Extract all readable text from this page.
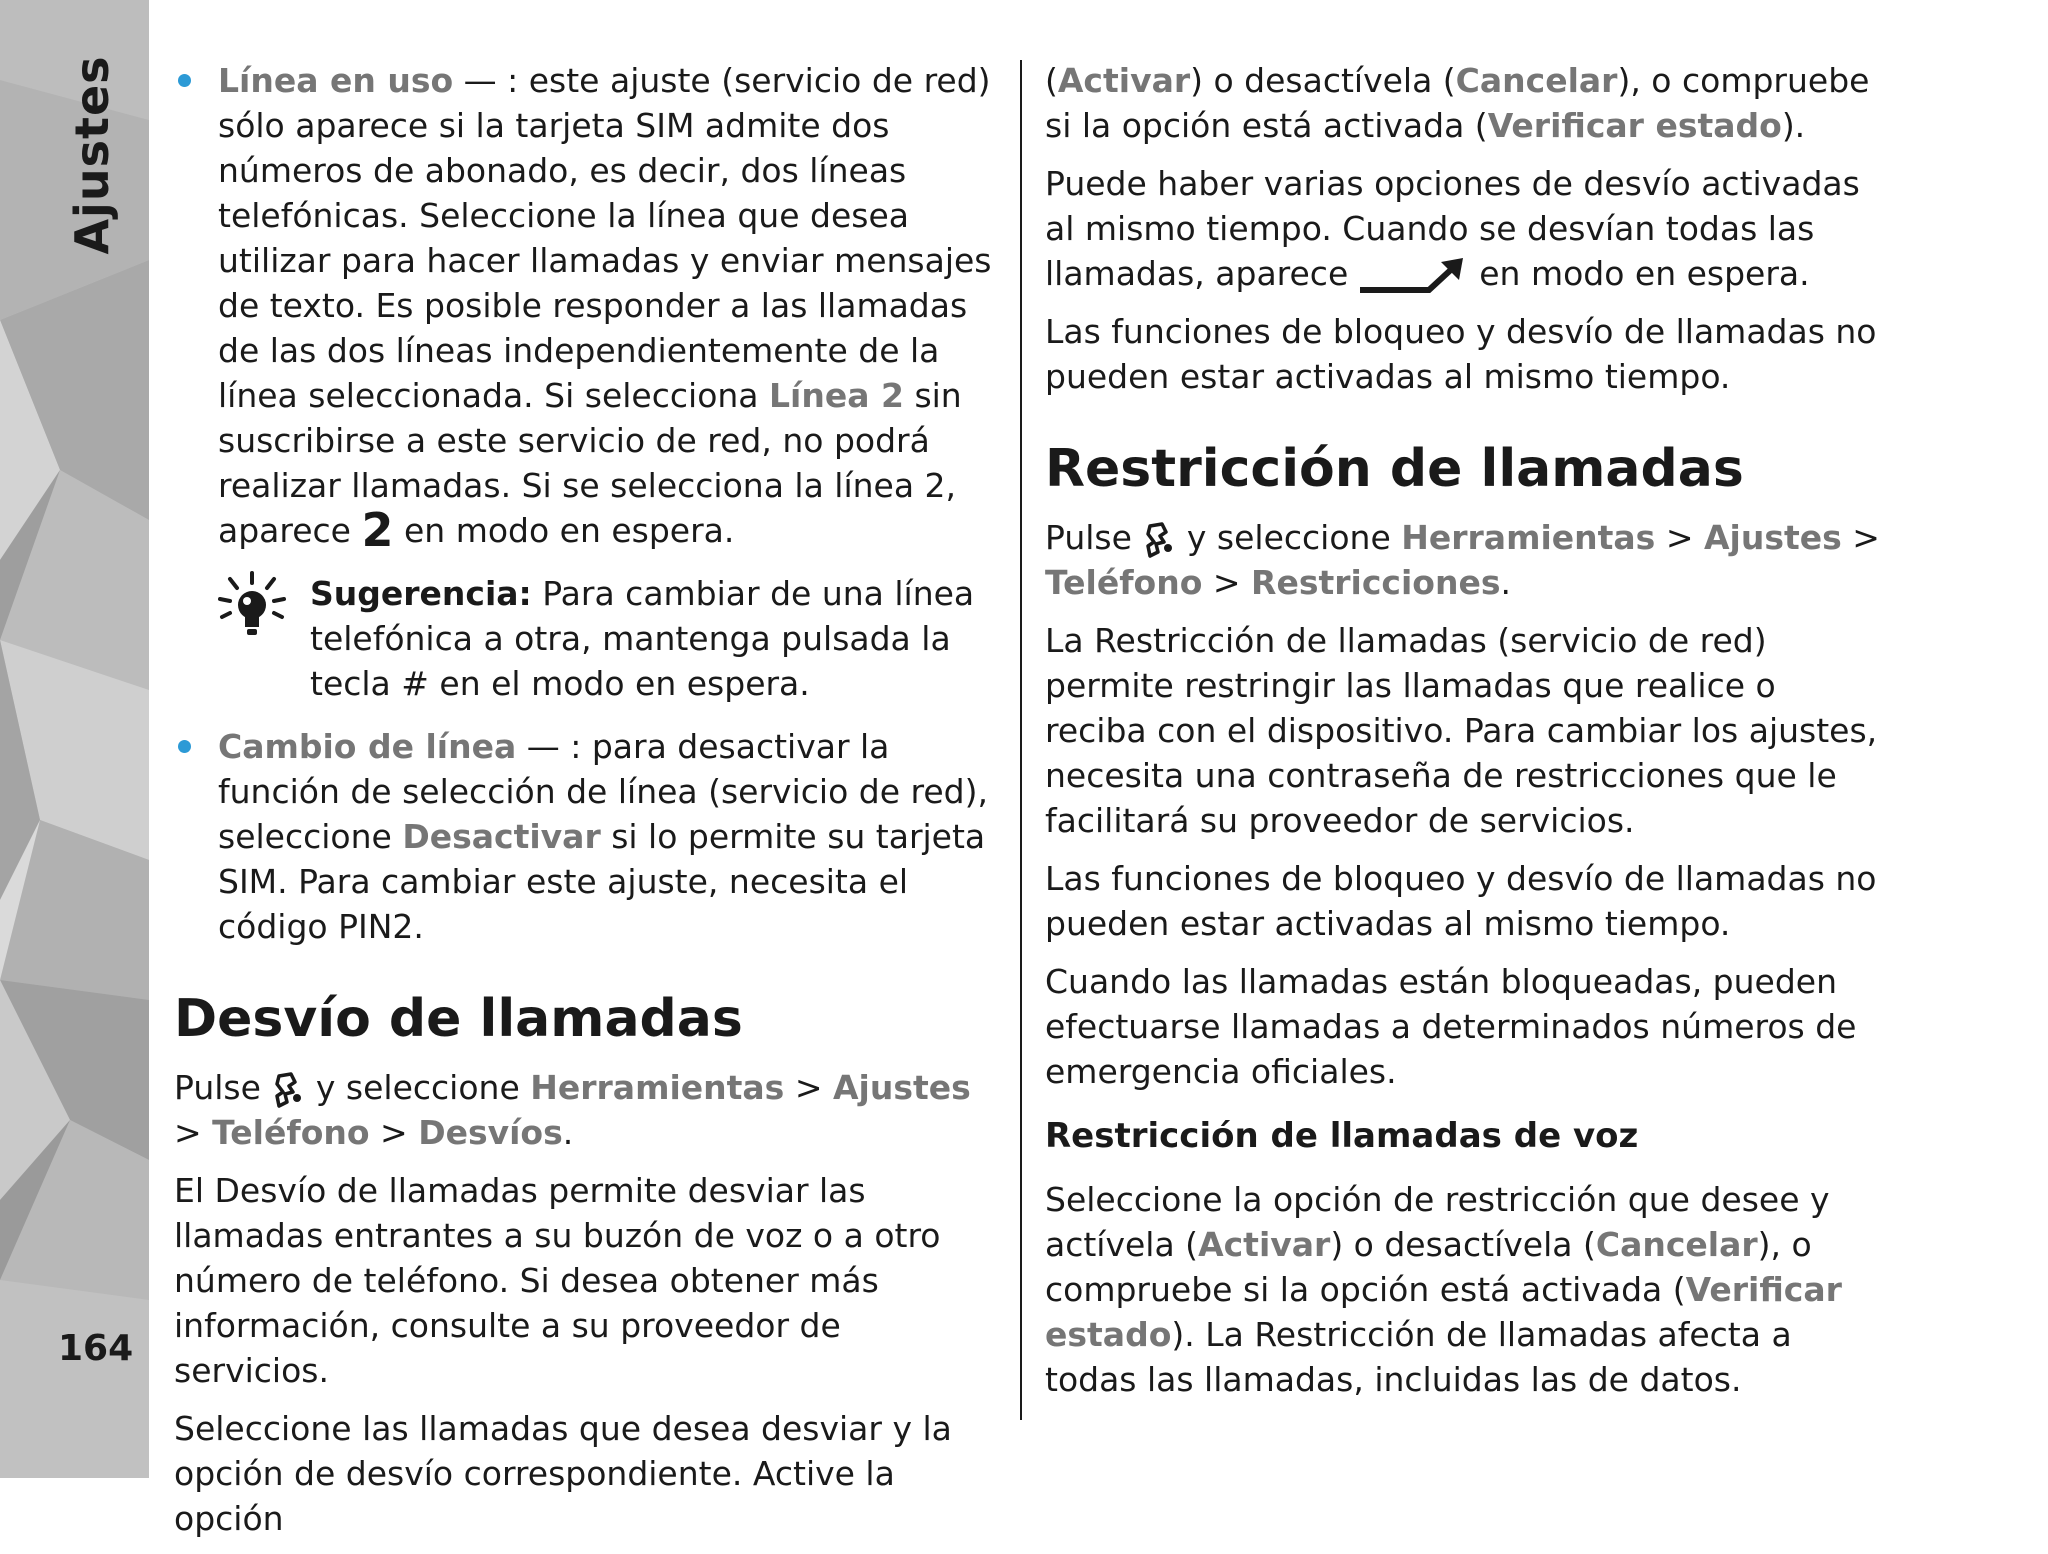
Ajustes
164
Línea en uso — : este ajuste (servicio de red) sólo aparece si la tarjeta SIM admite dos números de abonado, es decir, dos líneas telefónicas. Seleccione la línea que desea utilizar para hacer llamadas y enviar mensajes de texto. Es posible responder a las llamadas de las dos líneas independientemente de la línea seleccionada. Si selecciona Línea 2 sin suscribirse a este servicio de red, no podrá realizar llamadas. Si se selecciona la línea 2, aparece 2 en modo en espera.
Sugerencia: Para cambiar de una línea telefónica a otra, mantenga pulsada la tecla # en el modo en espera.
Cambio de línea — : para desactivar la función de selección de línea (servicio de red), seleccione Desactivar si lo permite su tarjeta SIM. Para cambiar este ajuste, necesita el código PIN2.
Desvío de llamadas

Pulse  y seleccione Herramientas > Ajustes > Teléfono > Desvíos.

El Desvío de llamadas permite desviar las llamadas entrantes a su buzón de voz o a otro número de teléfono. Si desea obtener más información, consulte a su proveedor de servicios.

Seleccione las llamadas que desea desviar y la opción de desvío correspondiente. Active la opción

(Activar) o desactívela (Cancelar), o compruebe si la opción está activada (Verificar estado).

Puede haber varias opciones de desvío activadas al mismo tiempo. Cuando se desvían todas las llamadas, aparece	en modo en espera.

Las funciones de bloqueo y desvío de llamadas no pueden estar activadas al mismo tiempo.

Restricción de llamadas

Pulse  y seleccione Herramientas > Ajustes > Teléfono > Restricciones.

La Restricción de llamadas (servicio de red) permite restringir las llamadas que realice o reciba con el dispositivo. Para cambiar los ajustes, necesita una contraseña de restricciones que le facilitará su proveedor de servicios.

Las funciones de bloqueo y desvío de llamadas no pueden estar activadas al mismo tiempo.

Cuando las llamadas están bloqueadas, pueden efectuarse llamadas a determinados números de emergencia oficiales.

Restricción de llamadas de voz

Seleccione la opción de restricción que desee y actívela (Activar) o desactívela (Cancelar), o compruebe si la opción está activada (Verificar estado). La Restricción de llamadas afecta a todas las llamadas, incluidas las de datos.
